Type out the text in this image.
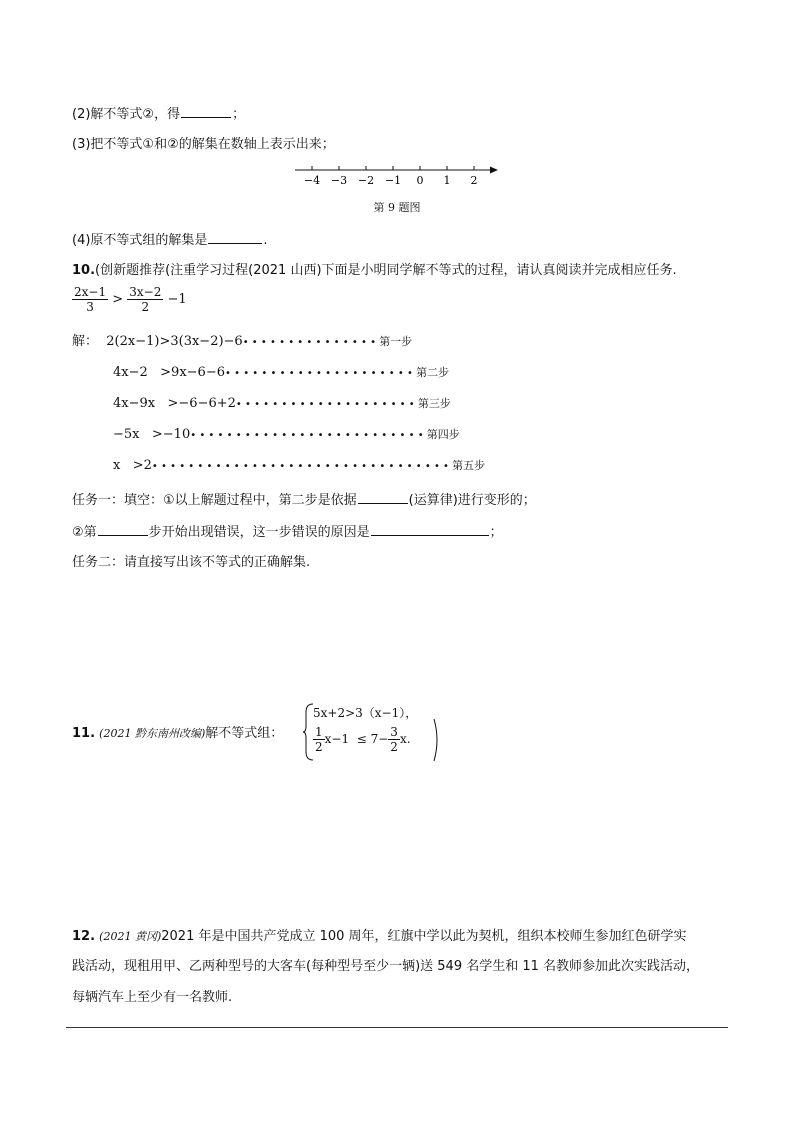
(2)解不等式②，得	；
(3)把不等式①和②的解集在数轴上表示出来；
−4 −3 −2 −1 0 1 2
第 9 题图
(4)原不等式组的解集是	.
10.(创新题推荐(注重学习过程(2021 山西)下面是小明同学解不等式的过程，请认真阅读并完成相应任务.
$\frac{2x-1}{3} > \frac{3x-2}{2} -1$
解： 2(2x−1)>3(3x−2)−6•••••••••••••••第一步
4x−2   >9x−6−6•••••••••••••••••••••第二步
4x−9x   >−6−6+2••••••••••••••••••••第三步
−5x   >−10••••••••••••••••••••••••••第四步
x   >2•••••••••••••••••••••••••••••••••第五步
任务一：填空：①以上解题过程中，第二步是依据	(运算律)进行变形的；
②第	步开始出现错误，这一步错误的原因是	；
任务二：请直接写出该不等式的正确解集.
11. (2021 黔东南州改编)解不等式组：
5x+2>3（x−1），
$\frac{1}{2} x-1 \le 7- \frac{3}{2} x$.
12. (2021 黄冈)2021 年是中国共产党成立 100 周年，红旗中学以此为契机，组织本校师生参加红色研学实
践活动，现租用甲、乙两种型号的大客车(每种型号至少一辆)送 549 名学生和 11 名教师参加此次实践活动，
每辆汽车上至少有一名教师.
